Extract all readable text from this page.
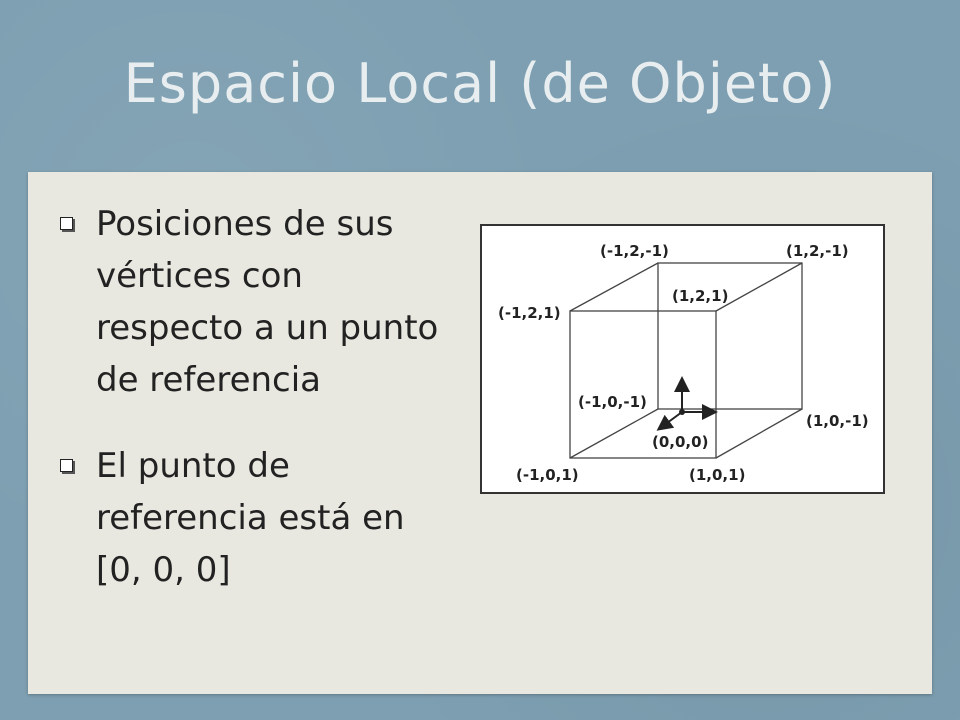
Espacio Local (de Objeto)
Posiciones de sus vértices con respecto a un punto de referencia
El punto de referencia está en [0, 0, 0]
(-1,2,-1)	(1,2,-1)
(1,2,1)
(-1,2,1)
(-1,0,-1)
(1,0,-1)
(0,0,0)
(-1,0,1)	(1,0,1)
